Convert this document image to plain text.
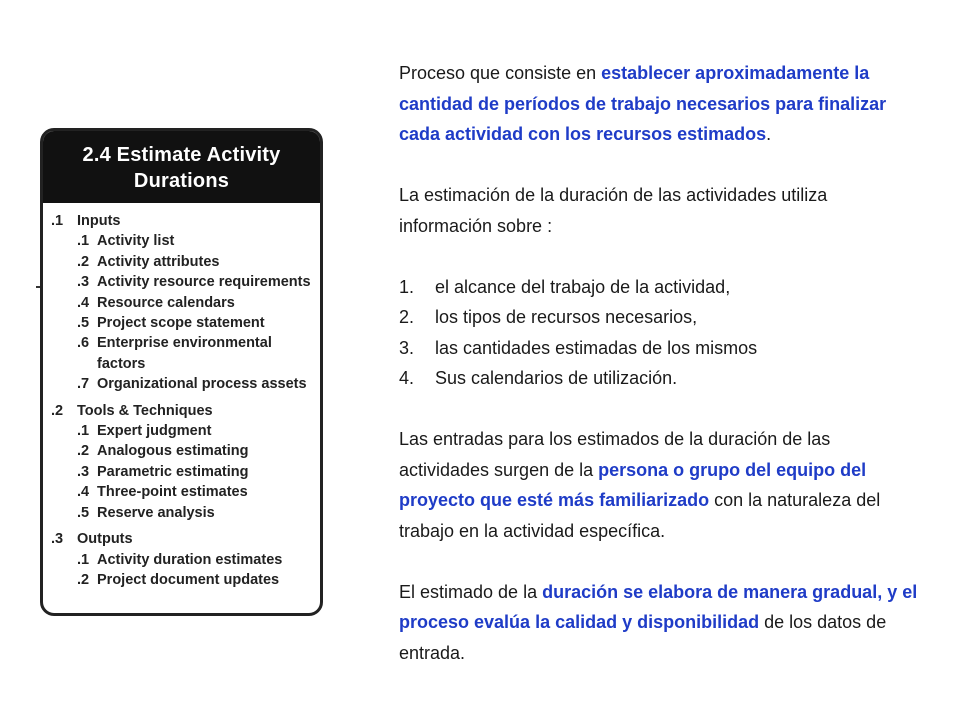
2.4 Estimate Activity
Durations
.1 Inputs
.1 Activity list
.2 Activity attributes
.3 Activity resource requirements
.4 Resource calendars
.5 Project scope statement
.6 Enterprise environmental factors
.7 Organizational process assets
.2 Tools & Techniques
.1 Expert judgment
.2 Analogous estimating
.3 Parametric estimating
.4 Three-point estimates
.5 Reserve analysis
.3 Outputs
.1 Activity duration estimates
.2 Project document updates

Proceso que consiste en establecer aproximadamente la cantidad de períodos de trabajo necesarios para finalizar cada actividad con los recursos estimados.

La estimación de la duración de las actividades utiliza información sobre :

1.	el alcance del trabajo de la actividad,
2.	los tipos de recursos necesarios,
3.	las cantidades estimadas de los mismos
4.	Sus calendarios de utilización.

Las entradas para los estimados de la duración de las actividades surgen de la persona o grupo del equipo del proyecto que esté más familiarizado con la naturaleza del trabajo en la actividad específica.

El estimado de la duración se elabora de manera gradual, y el proceso evalúa la calidad y disponibilidad de los datos de entrada.
